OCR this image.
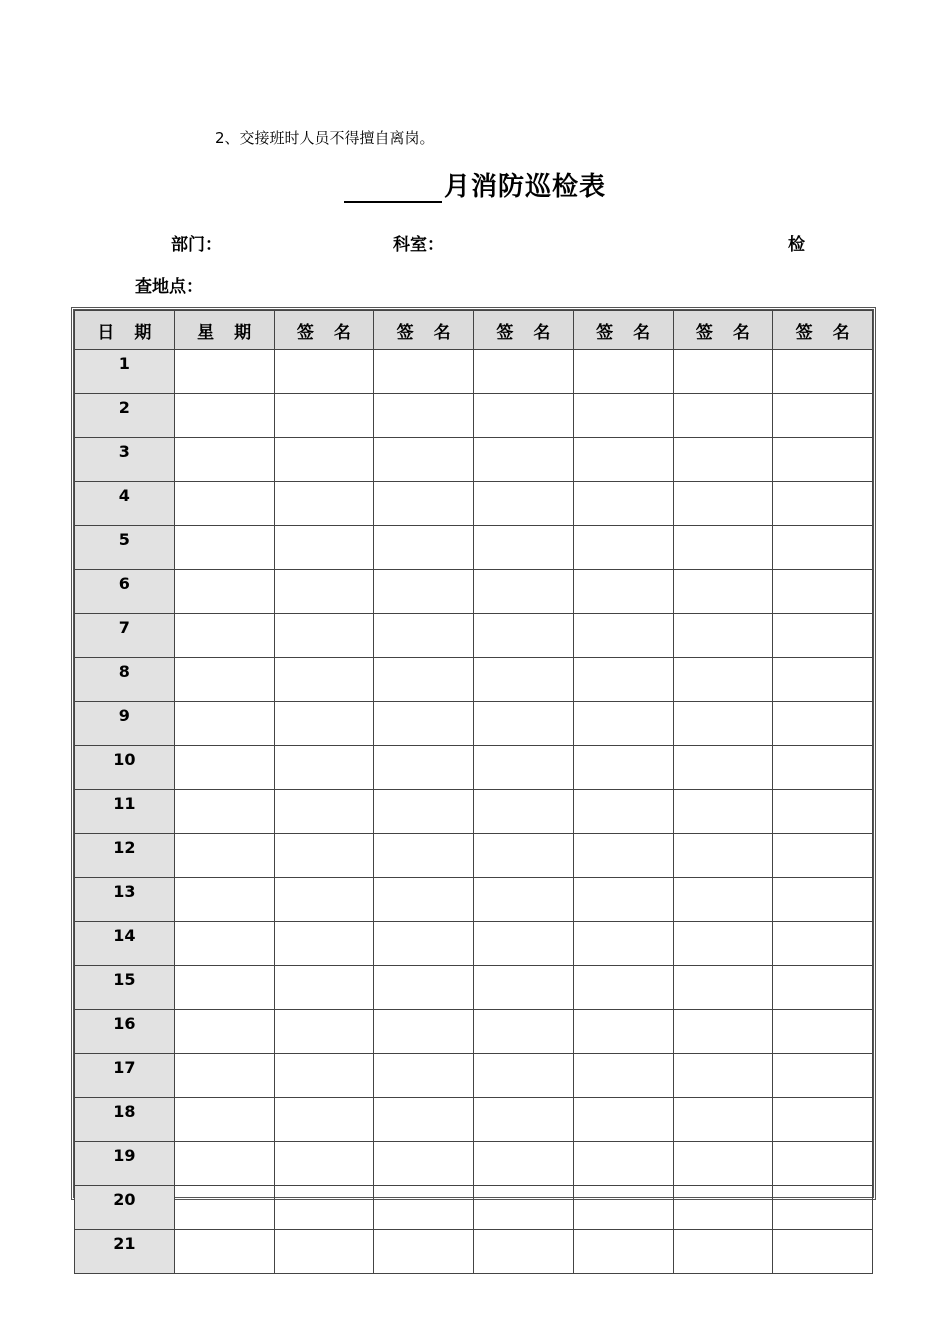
2、交接班时人员不得擅自离岗。
月消防巡检表
部门：	科室：	检
查地点：
日 期	星 期	签 名	签 名	签 名	签 名	签 名	签 名
1							
2							
3							
4							
5							
6							
7							
8							
9							
10							
11							
12							
13							
14							
15							
16							
17							
18							
19							
20							
21							
